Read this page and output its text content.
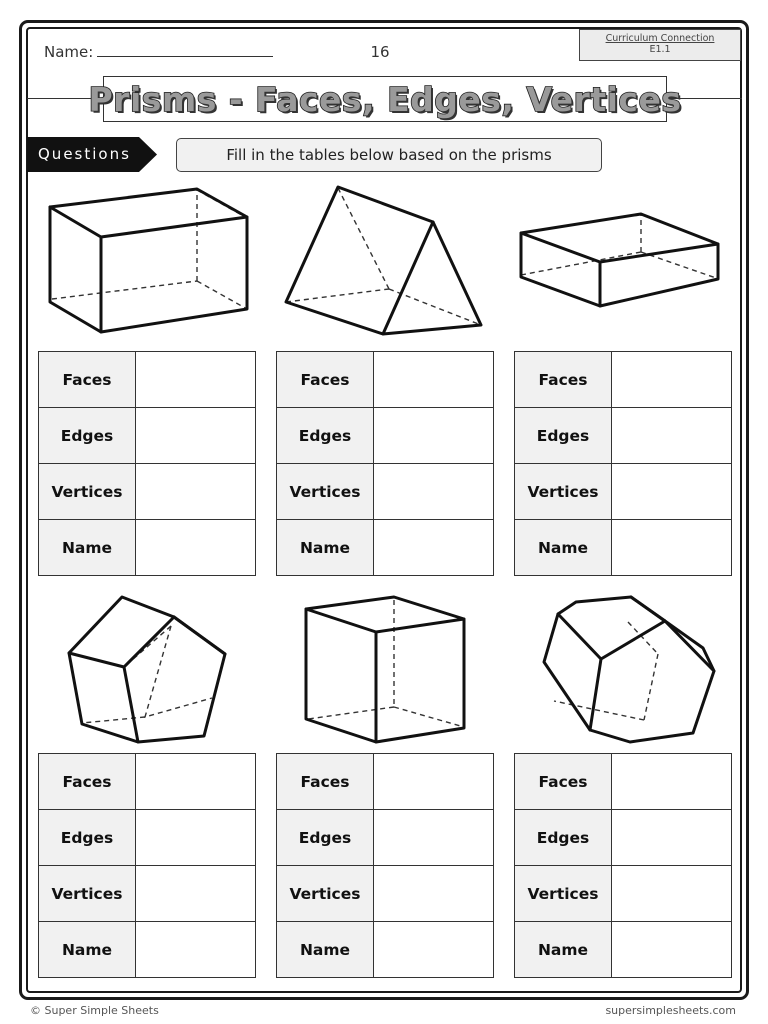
Name:	16
Curriculum Connection
E1.1
Prisms - Faces, Edges, Vertices
Questions	Fill in the tables below based on the prisms
Faces	
Edges	
Vertices	
Name	
Faces	
Edges	
Vertices	
Name	
Faces	
Edges	
Vertices	
Name	
Faces	
Edges	
Vertices	
Name	
Faces	
Edges	
Vertices	
Name	
Faces	
Edges	
Vertices	
Name	
© Super Simple Sheets	supersimplesheets.com
